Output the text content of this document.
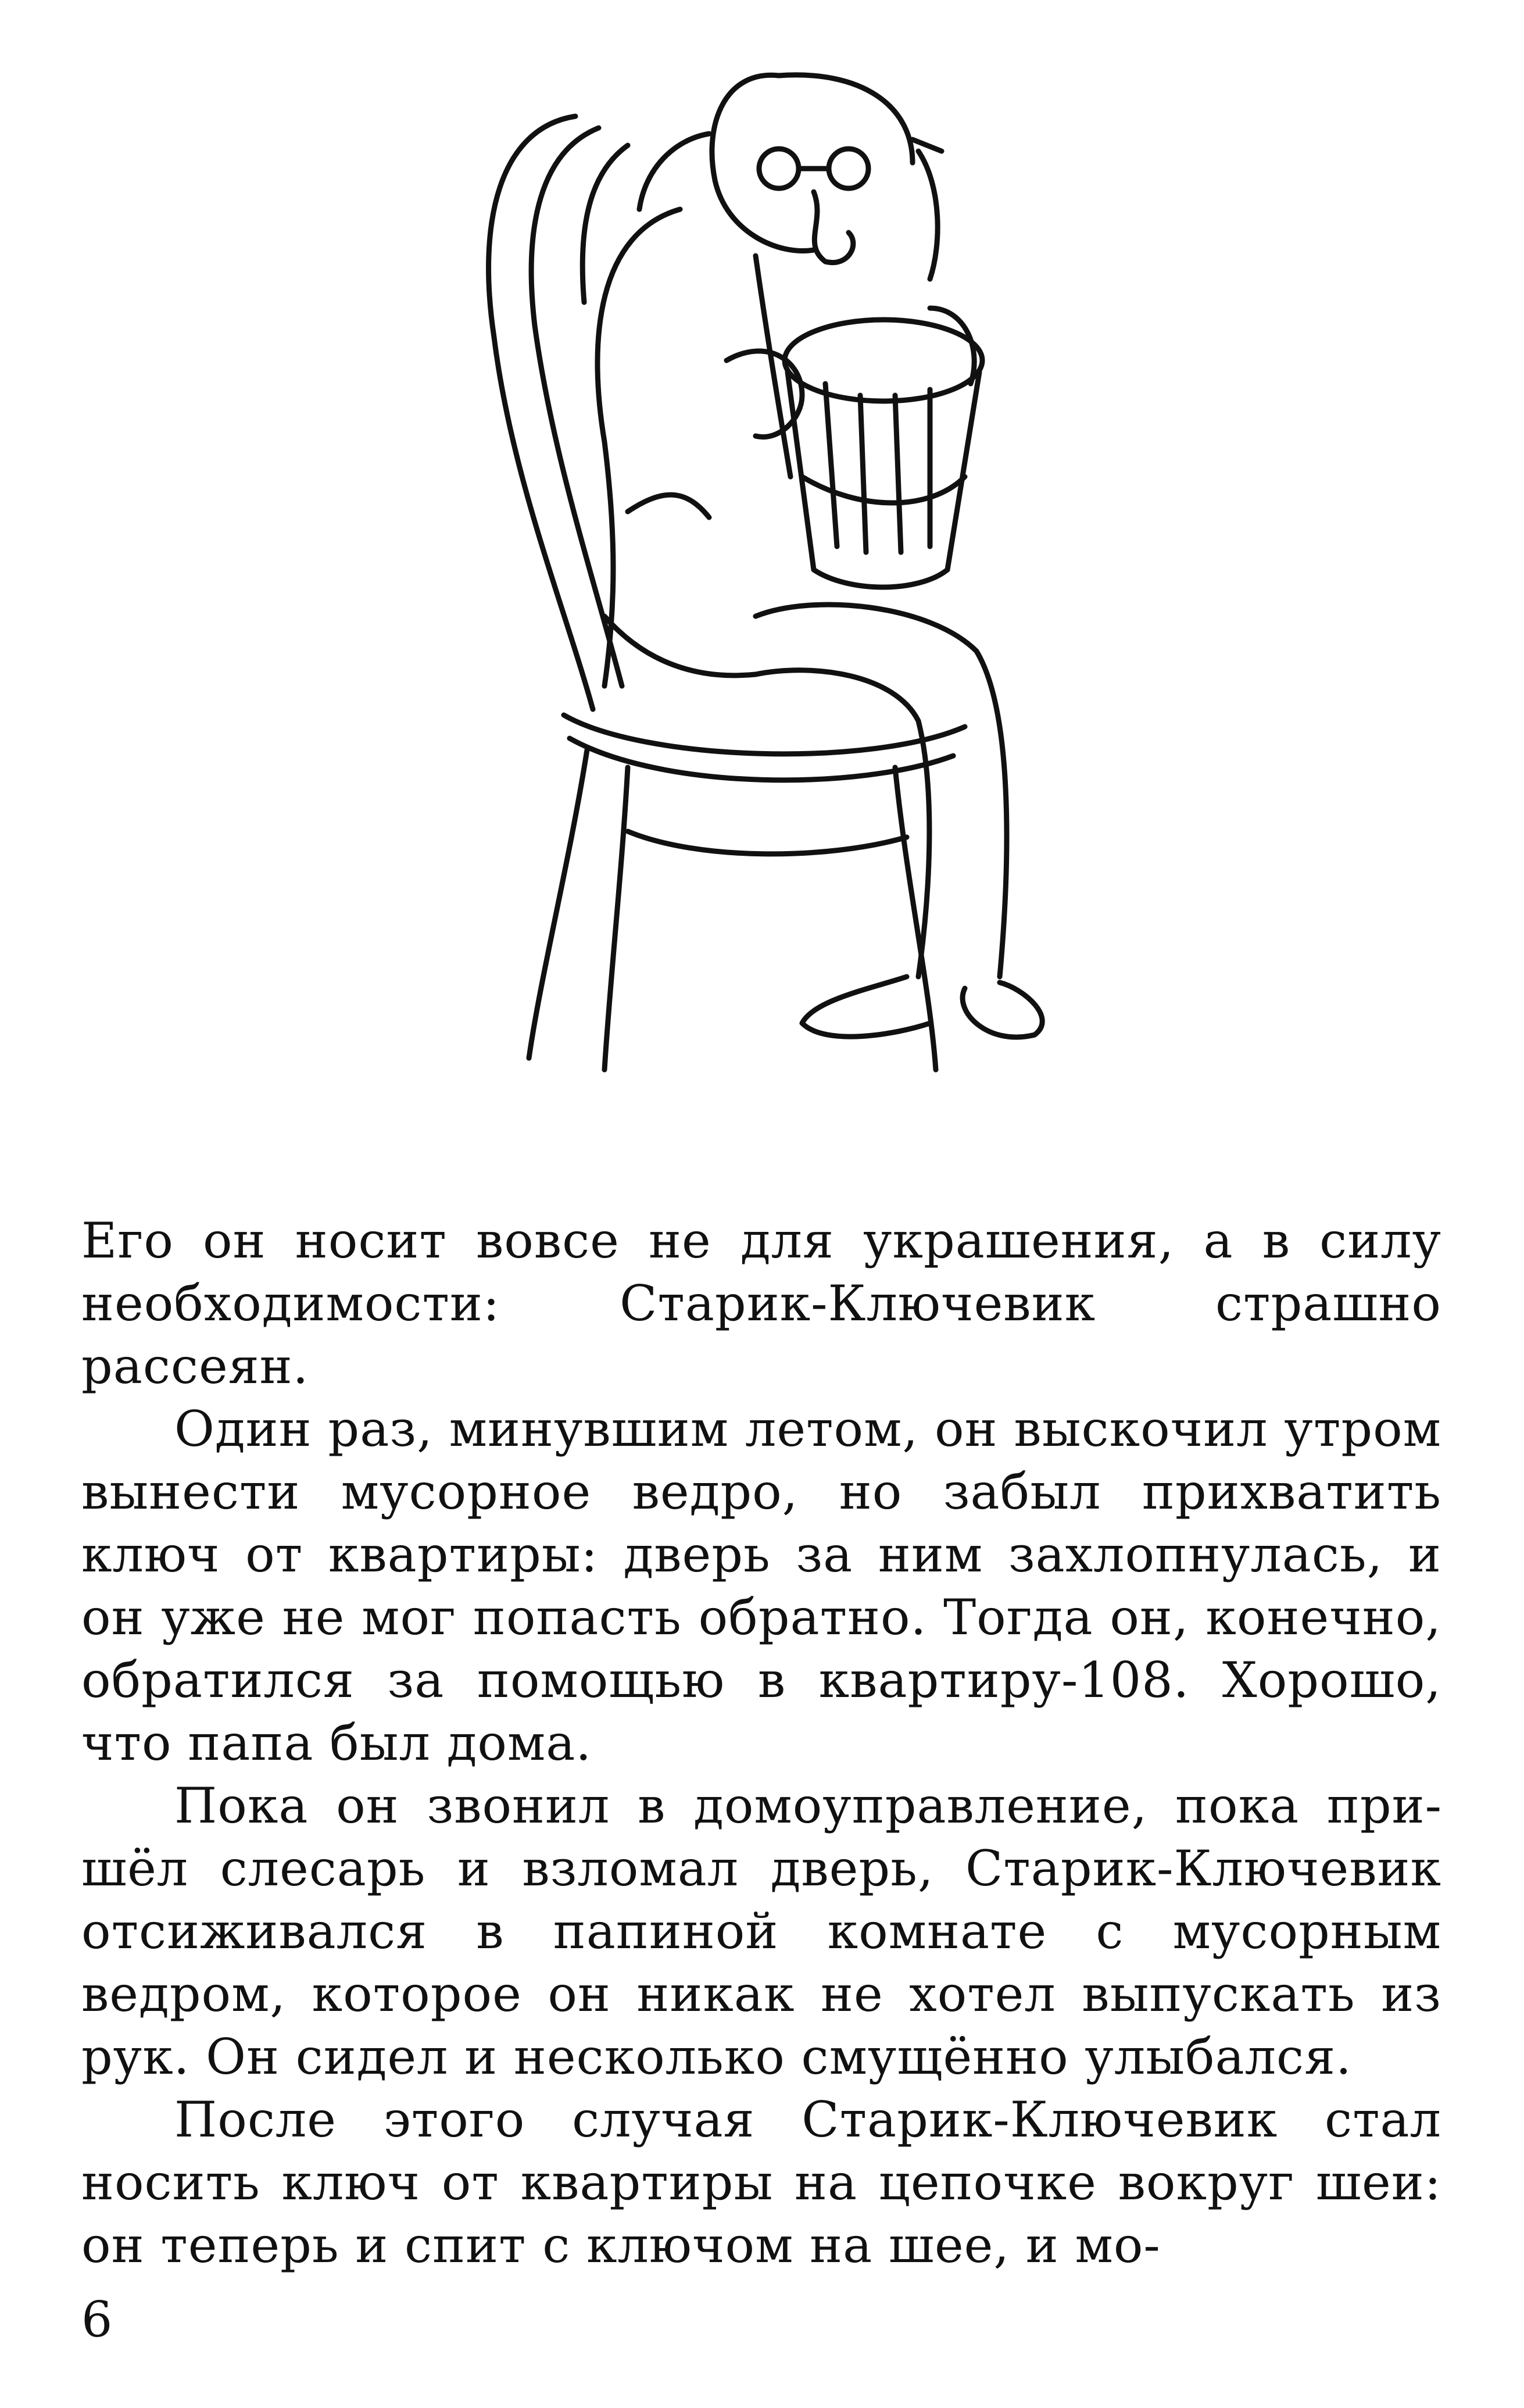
Его он носит вовсе не для украшения, а в силу необходимости: Старик-Ключевик страшно рассеян.

Один раз, минувшим летом, он выскочил утром вынести мусорное ведро, но забыл прихватить ключ от квартиры: дверь за ним захлопнулась, и он уже не мог попасть обратно. Тогда он, конечно, обратился за помощью в квартиру-108. Хорошо, что папа был дома.

Пока он звонил в домоуправление, пока пришёл слесарь и взломал дверь, Старик-Ключевик отсиживался в папиной комнате с мусорным ведром, которое он никак не хотел выпускать из рук. Он сидел и несколько смущённо улыбался.

После этого случая Старик-Ключевик стал носить ключ от квартиры на цепочке вокруг шеи: он теперь и спит с ключом на шее, и мо-

6
